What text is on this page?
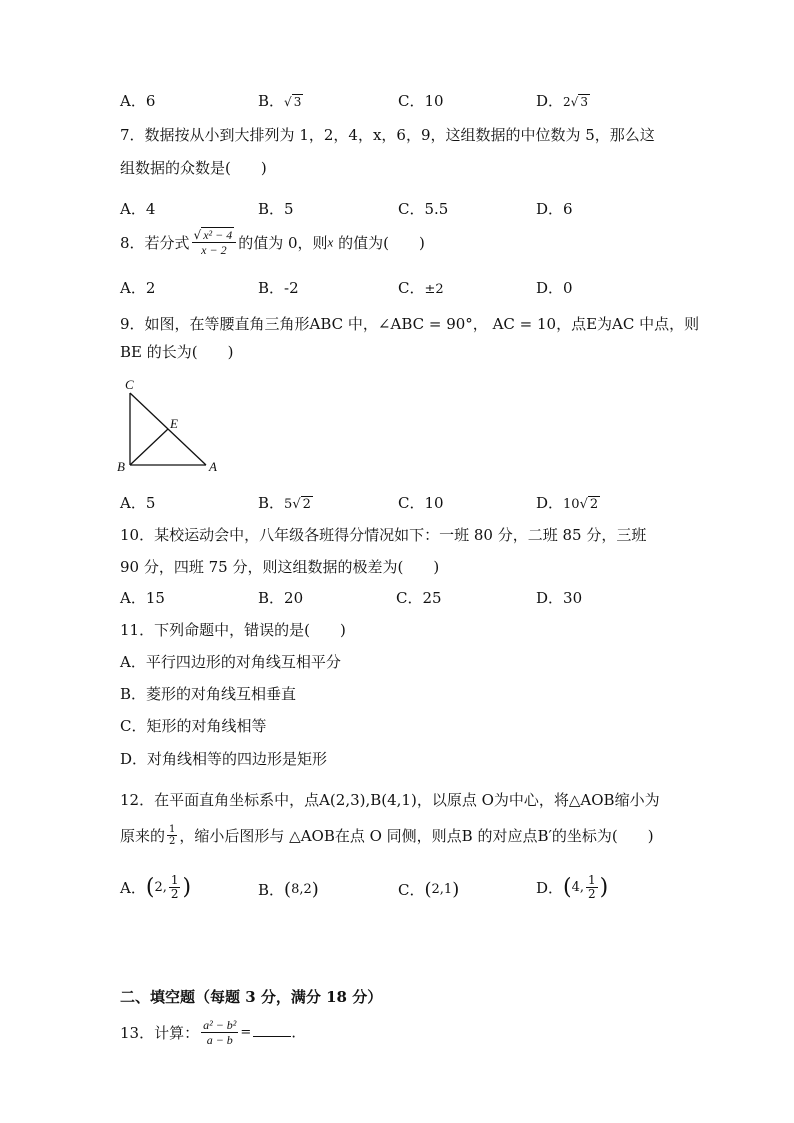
A．6	B．√ 3	C．10	D．2√ 3
7．数据按从小到大排列为 1，2，4，x，6，9，这组数据的中位数为 5，那么这
组数据的众数是(　　)
A．4	B．5	C．5.5	D．6
8．若分式 $\frac{\text{√ x² − 4}}{x - 2}$ 的值为 0，则x 的值为(　　)
A．2	B．-2	C．±2	D．0
9．如图，在等腰直角三角形ABC 中，∠ABC = 90°， AC = 10，点E为AC 中点，则
BE 的长为(　　)
C
B	A
E
A．5	B．5√ 2	C．10	D．10√ 2
10．某校运动会中，八年级各班得分情况如下：一班 80 分，二班 85 分，三班
90 分，四班 75 分，则这组数据的极差为(　　)
A．15	B．20	C．25	D．30
11．下列命题中，错误的是(　　)
A．平行四边形的对角线互相平分
B．菱形的对角线互相垂直
C．矩形的对角线相等
D．对角线相等的四边形是矩形
12．在平面直角坐标系中，点A(2,3),B(4,1)，以原点 O为中心，将△AOB缩小为
原来的 $\frac{1}{2}$ ，缩小后图形与 △AOB在点 O 同侧，则点B 的对应点B′的坐标为(　　)
A．(2, $\frac{1}{2}$ )	B．(8,2)	C．(2,1)	D．(4, $\frac{1}{2}$ )
二、填空题（每题 3 分，满分 18 分）
13．计算： $\frac{\text{a² − b²}}{a - b}$ =	.
